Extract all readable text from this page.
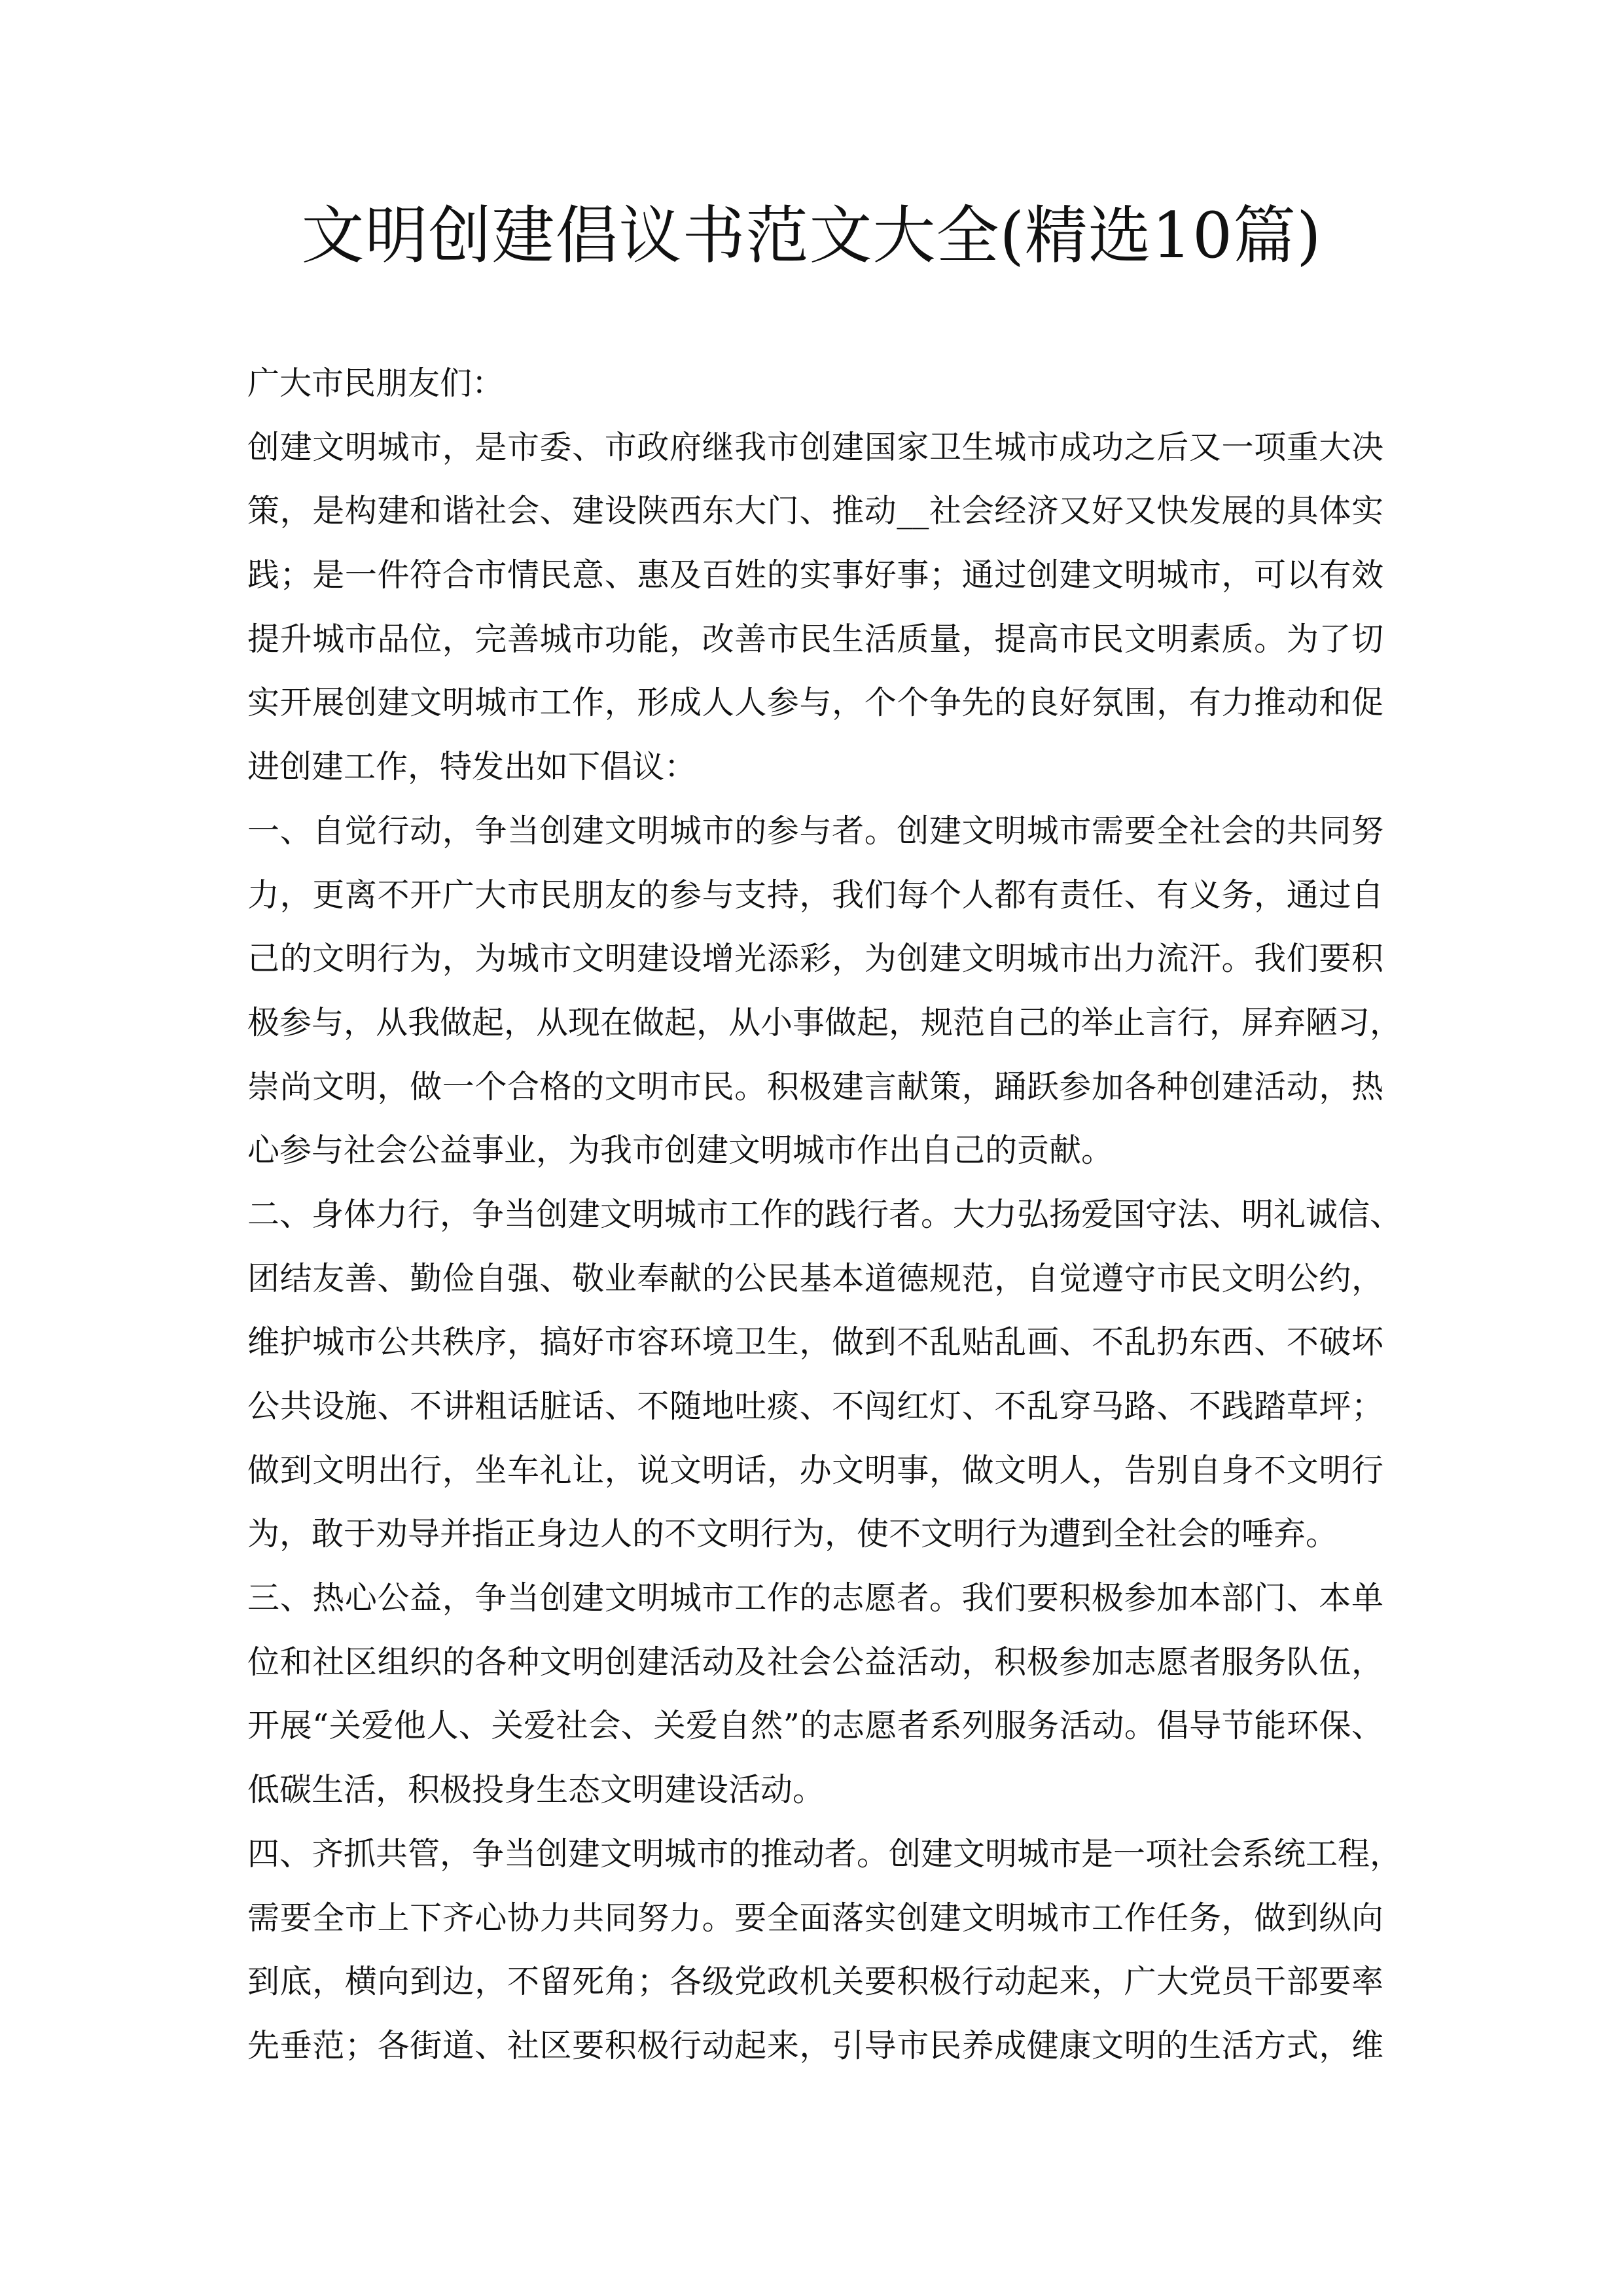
文明创建倡议书范文大全(精选10篇)
广大市民朋友们：
创建文明城市，是市委、市政府继我市创建国家卫生城市成功之后又一项重大决
策，是构建和谐社会、建设陕西东大门、推动__社会经济又好又快发展的具体实
践；是一件符合市情民意、惠及百姓的实事好事；通过创建文明城市，可以有效
提升城市品位，完善城市功能，改善市民生活质量，提高市民文明素质。为了切
实开展创建文明城市工作，形成人人参与，个个争先的良好氛围，有力推动和促
进创建工作，特发出如下倡议：
一、自觉行动，争当创建文明城市的参与者。创建文明城市需要全社会的共同努
力，更离不开广大市民朋友的参与支持，我们每个人都有责任、有义务，通过自
己的文明行为，为城市文明建设增光添彩，为创建文明城市出力流汗。我们要积
极参与，从我做起，从现在做起，从小事做起，规范自己的举止言行，屏弃陋习，
崇尚文明，做一个合格的文明市民。积极建言献策，踊跃参加各种创建活动，热
心参与社会公益事业，为我市创建文明城市作出自己的贡献。
二、身体力行，争当创建文明城市工作的践行者。大力弘扬爱国守法、明礼诚信、
团结友善、勤俭自强、敬业奉献的公民基本道德规范，自觉遵守市民文明公约，
维护城市公共秩序，搞好市容环境卫生，做到不乱贴乱画、不乱扔东西、不破坏
公共设施、不讲粗话脏话、不随地吐痰、不闯红灯、不乱穿马路、不践踏草坪；
做到文明出行，坐车礼让，说文明话，办文明事，做文明人，告别自身不文明行
为，敢于劝导并指正身边人的不文明行为，使不文明行为遭到全社会的唾弃。
三、热心公益，争当创建文明城市工作的志愿者。我们要积极参加本部门、本单
位和社区组织的各种文明创建活动及社会公益活动，积极参加志愿者服务队伍，
开展“关爱他人、关爱社会、关爱自然”的志愿者系列服务活动。倡导节能环保、
低碳生活，积极投身生态文明建设活动。
四、齐抓共管，争当创建文明城市的推动者。创建文明城市是一项社会系统工程，
需要全市上下齐心协力共同努力。要全面落实创建文明城市工作任务，做到纵向
到底，横向到边，不留死角；各级党政机关要积极行动起来，广大党员干部要率
先垂范；各街道、社区要积极行动起来，引导市民养成健康文明的生活方式，维
